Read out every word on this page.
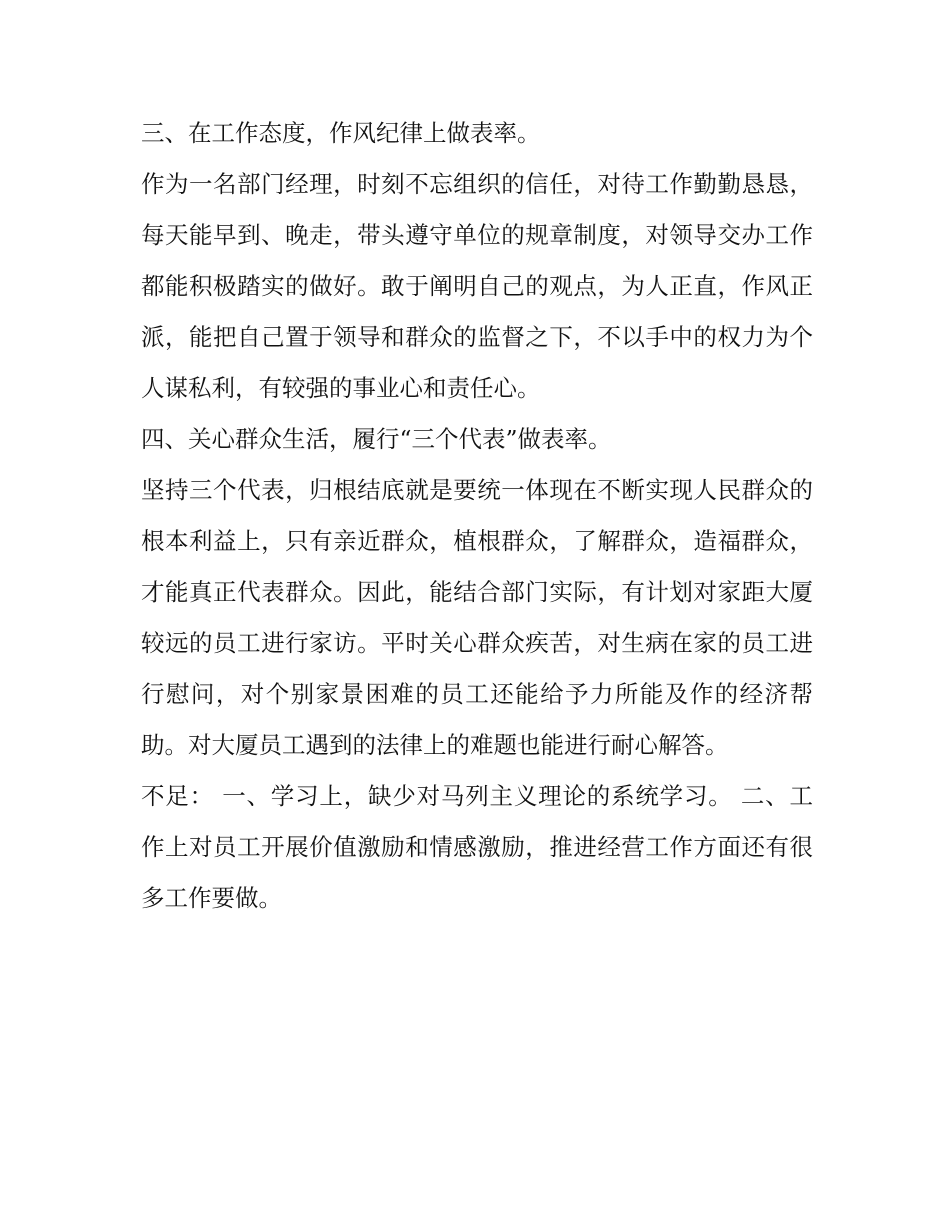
三、在工作态度，作风纪律上做表率。

作为一名部门经理，时刻不忘组织的信任，对待工作勤勤恳恳，每天能早到、晚走，带头遵守单位的规章制度，对领导交办工作都能积极踏实的做好。敢于阐明自己的观点，为人正直，作风正派，能把自己置于领导和群众的监督之下，不以手中的权力为个人谋私利，有较强的事业心和责任心。

四、关心群众生活，履行“三个代表”做表率。

坚持三个代表，归根结底就是要统一体现在不断实现人民群众的根本利益上，只有亲近群众，植根群众，了解群众，造福群众，才能真正代表群众。因此，能结合部门实际，有计划对家距大厦较远的员工进行家访。平时关心群众疾苦，对生病在家的员工进行慰问，对个别家景困难的员工还能给予力所能及作的经济帮助。对大厦员工遇到的法律上的难题也能进行耐心解答。

不足： 一、学习上，缺少对马列主义理论的系统学习。 二、工作上对员工开展价值激励和情感激励，推进经营工作方面还有很多工作要做。
